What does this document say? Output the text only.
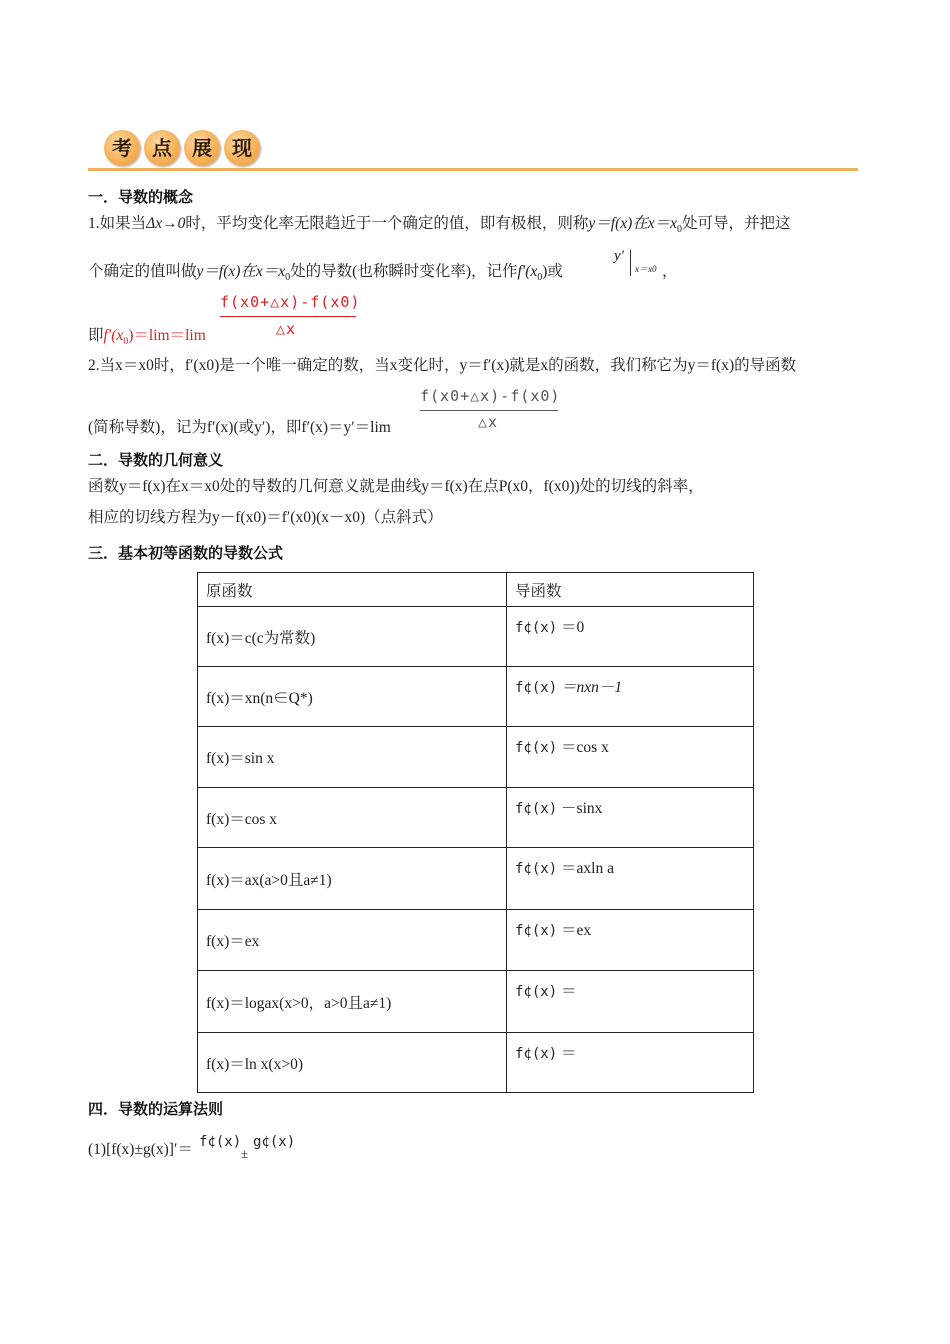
考	点	展	现
一．导数的概念
1.如果当Δx→0时，平均变化率无限趋近于一个确定的值，即有极根，则称y＝f(x)在$x=x_0$处可导，并把这
个确定的值叫做y＝f(x)在$x=x_0$处的导数(也称瞬时变化率)，记作$f'(x_0)$或
y′
x＝x0 ，
f(x0+△x)-f(x0)
△x
即$f'(x_0)=\lim=\lim$
2.当x＝x0时，f′(x0)是一个唯一确定的数，当x变化时，y＝f′(x)就是x的函数，我们称它为y＝f(x)的导函数
f(x0+△x)-f(x0)
△x
(简称导数)，记为f′(x)(或y′)，即f′(x)＝y′＝lim
二．导数的几何意义
函数y＝f(x)在x＝x0处的导数的几何意义就是曲线y＝f(x)在点P(x0，f(x0))处的切线的斜率，
相应的切线方程为y－f(x0)＝f′(x0)(x－x0)（点斜式）
三．基本初等函数的导数公式
原函数	导函数
f(x)＝c(c为常数)	f¢(x) ＝0
f(x)＝xn(n∈Q*)	f¢(x) ＝nxn－1
f(x)＝sin x	f¢(x) ＝cos x
f(x)＝cos x	f¢(x) －sinx
f(x)＝ax(a>0且a≠1)	f¢(x) ＝axln a
f(x)＝ex	f¢(x) ＝ex
f(x)＝logax(x>0，a>0且a≠1)	f¢(x) ＝
f(x)＝ln x(x>0)	f¢(x) ＝
四．导数的运算法则
(1)[f(x)±g(x)]′＝ f¢(x)
±
g¢(x)
